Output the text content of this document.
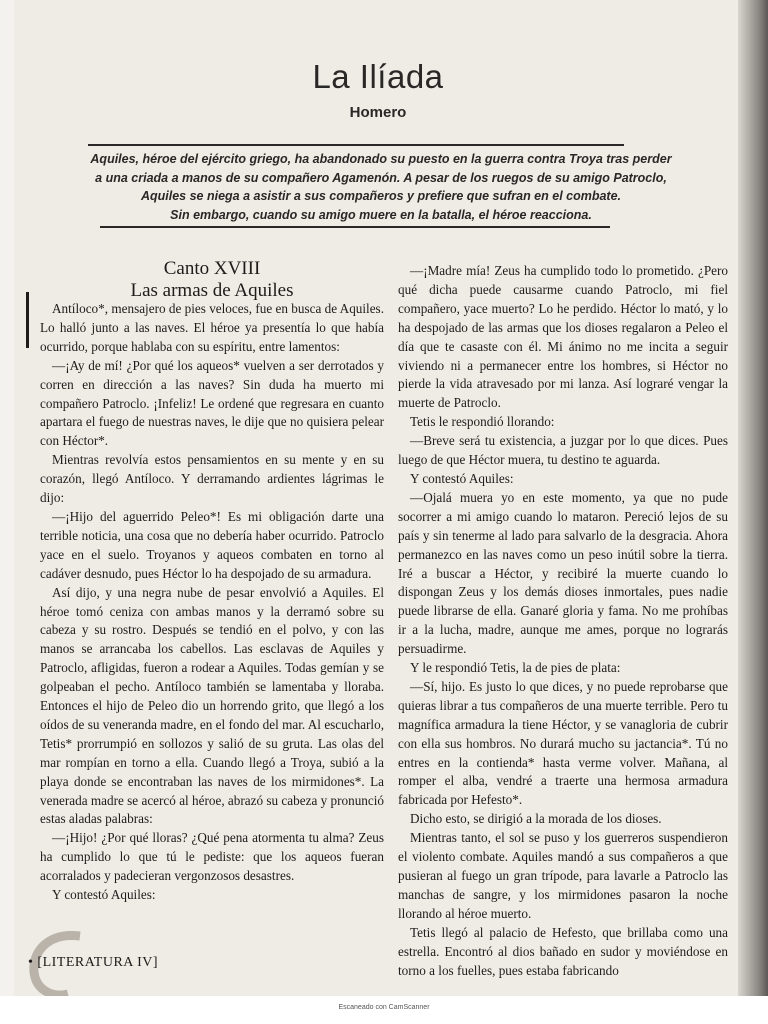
La Ilíada
Homero
Aquiles, héroe del ejército griego, ha abandonado su puesto en la guerra contra Troya tras perder
a una criada a manos de su compañero Agamenón. A pesar de los ruegos de su amigo Patroclo,
Aquiles se niega a asistir a sus compañeros y prefiere que sufran en el combate.
Sin embargo, cuando su amigo muere en la batalla, el héroe reacciona.
Canto XVIII
Las armas de Aquiles

Antíloco*, mensajero de pies veloces, fue en busca de Aquiles. Lo halló junto a las naves. El héroe ya presentía lo que había ocurrido, porque hablaba con su espíritu, entre lamentos:

—¡Ay de mí! ¿Por qué los aqueos* vuelven a ser derrotados y corren en dirección a las naves? Sin duda ha muerto mi compañero Patroclo. ¡Infeliz! Le ordené que regresara en cuanto apartara el fuego de nuestras naves, le dije que no quisiera pelear con Héctor*.

Mientras revolvía estos pensamientos en su mente y en su corazón, llegó Antíloco. Y derramando ardientes lágrimas le dijo:

—¡Hijo del aguerrido Peleo*! Es mi obligación darte una terrible noticia, una cosa que no debería haber ocurrido. Patroclo yace en el suelo. Troyanos y aqueos combaten en torno al cadáver desnudo, pues Héctor lo ha despojado de su armadura.

Así dijo, y una negra nube de pesar envolvió a Aquiles. El héroe tomó ceniza con ambas manos y la derramó sobre su cabeza y su rostro. Después se tendió en el polvo, y con las manos se arrancaba los cabellos. Las esclavas de Aquiles y Patroclo, afligidas, fueron a rodear a Aquiles. Todas gemían y se golpeaban el pecho. Antíloco también se lamentaba y lloraba. Entonces el hijo de Peleo dio un horrendo grito, que llegó a los oídos de su veneranda madre, en el fondo del mar. Al escucharlo, Tetis* prorrumpió en sollozos y salió de su gruta. Las olas del mar rompían en torno a ella. Cuando llegó a Troya, subió a la playa donde se encontraban las naves de los mirmidones*. La venerada madre se acercó al héroe, abrazó su cabeza y pronunció estas aladas palabras:

—¡Hijo! ¿Por qué lloras? ¿Qué pena atormenta tu alma? Zeus ha cumplido lo que tú le pediste: que los aqueos fueran acorralados y padecieran vergonzosos desastres.

Y contestó Aquiles:

—¡Madre mía! Zeus ha cumplido todo lo prometido. ¿Pero qué dicha puede causarme cuando Patroclo, mi fiel compañero, yace muerto? Lo he perdido. Héctor lo mató, y lo ha despojado de las armas que los dioses regalaron a Peleo el día que te casaste con él. Mi ánimo no me incita a seguir viviendo ni a permanecer entre los hombres, si Héctor no pierde la vida atravesado por mi lanza. Así lograré vengar la muerte de Patroclo.

Tetis le respondió llorando:

—Breve será tu existencia, a juzgar por lo que dices. Pues luego de que Héctor muera, tu destino te aguarda.

Y contestó Aquiles:

—Ojalá muera yo en este momento, ya que no pude socorrer a mi amigo cuando lo mataron. Pereció lejos de su país y sin tenerme al lado para salvarlo de la desgracia. Ahora permanezco en las naves como un peso inútil sobre la tierra. Iré a buscar a Héctor, y recibiré la muerte cuando lo dispongan Zeus y los demás dioses inmortales, pues nadie puede librarse de ella. Ganaré gloria y fama. No me prohíbas ir a la lucha, madre, aunque me ames, porque no lograrás persuadirme.

Y le respondió Tetis, la de pies de plata:

—Sí, hijo. Es justo lo que dices, y no puede reprobarse que quieras librar a tus compañeros de una muerte terrible. Pero tu magnífica armadura la tiene Héctor, y se vanagloria de cubrir con ella sus hombros. No durará mucho su jactancia*. Tú no entres en la contienda* hasta verme volver. Mañana, al romper el alba, vendré a traerte una hermosa armadura fabricada por Hefesto*.

Dicho esto, se dirigió a la morada de los dioses.

Mientras tanto, el sol se puso y los guerreros suspendieron el violento combate. Aquiles mandó a sus compañeros a que pusieran al fuego un gran trípode, para lavarle a Patroclo las manchas de sangre, y los mirmidones pasaron la noche llorando al héroe muerto.

Tetis llegó al palacio de Hefesto, que brillaba como una estrella. Encontró al dios bañado en sudor y moviéndose en torno a los fuelles, pues estaba fabricando

• [LITERATURA IV]
Escaneado con CamScanner
